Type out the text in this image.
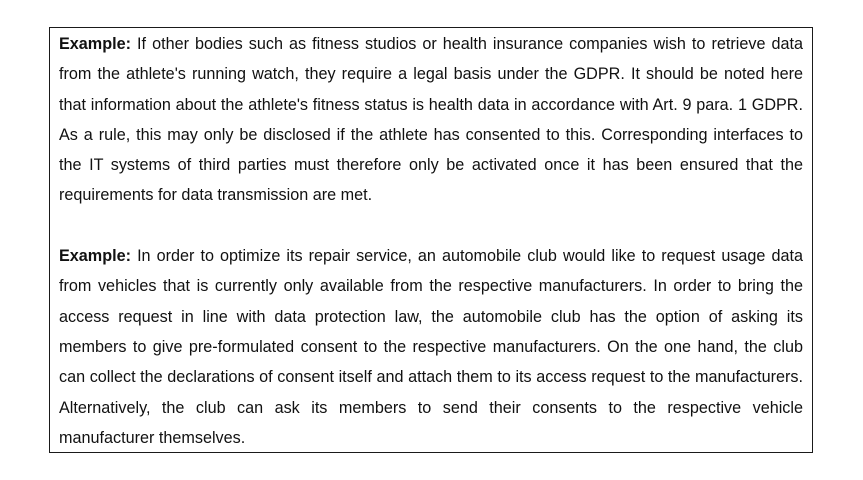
Example: If other bodies such as fitness studios or health insurance companies wish to retrieve data from the athlete's running watch, they require a legal basis under the GDPR. It should be noted here that information about the athlete's fitness status is health data in accordance with Art. 9 para. 1 GDPR. As a rule, this may only be disclosed if the athlete has consented to this. Corresponding interfaces to the IT systems of third parties must therefore only be activated once it has been ensured that the requirements for data transmission are met.

Example: In order to optimize its repair service, an automobile club would like to request usage data from vehicles that is currently only available from the respective manufacturers. In order to bring the access request in line with data protection law, the automobile club has the option of asking its members to give pre-formulated consent to the respective manufacturers. On the one hand, the club can collect the declarations of consent itself and attach them to its access request to the manufacturers. Alternatively, the club can ask its members to send their consents to the respective vehicle manufacturer themselves.
